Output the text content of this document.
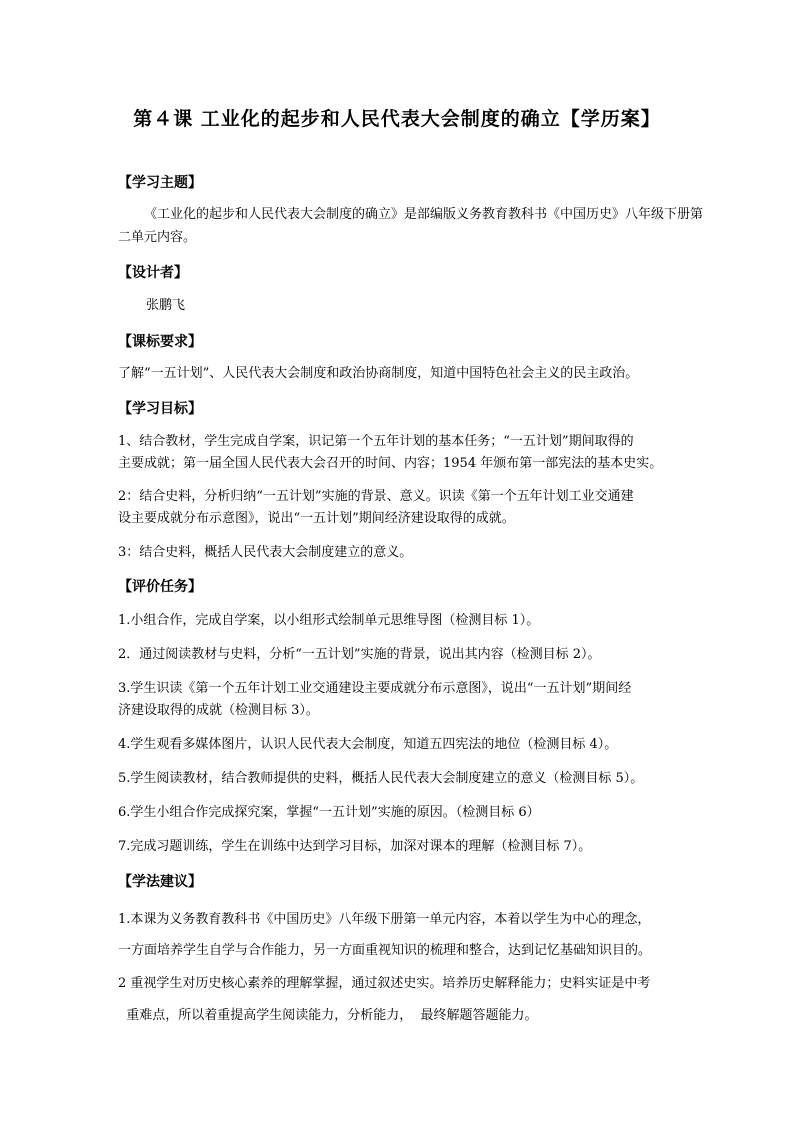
第４课 工业化的起步和人民代表大会制度的确立【学历案】
【学习主题】
《工业化的起步和人民代表大会制度的确立》是部编版义务教育教科书《中国历史》八年级下册第
二单元内容。
【设计者】
张鹏飞
【课标要求】
了解“一五计划”、人民代表大会制度和政治协商制度，知道中国特色社会主义的民主政治。
【学习目标】
1、结合教材，学生完成自学案，识记第一个五年计划的基本任务；“一五计划”期间取得的
主要成就；第一届全国人民代表大会召开的时间、内容；1954 年颁布第一部宪法的基本史实。
2：结合史料，分析归纳“一五计划”实施的背景、意义。识读《第一个五年计划工业交通建
设主要成就分布示意图》，说出“一五计划”期间经济建设取得的成就。
3：结合史料，概括人民代表大会制度建立的意义。
【评价任务】
1.小组合作，完成自学案，以小组形式绘制单元思维导图（检测目标 1）。
2．通过阅读教材与史料，分析“一五计划”实施的背景，说出其内容（检测目标 2）。
3.学生识读《第一个五年计划工业交通建设主要成就分布示意图》，说出“一五计划”期间经
济建设取得的成就（检测目标 3）。
4.学生观看多媒体图片，认识人民代表大会制度，知道五四宪法的地位（检测目标 4）。
5.学生阅读教材，结合教师提供的史料，概括人民代表大会制度建立的意义（检测目标 5）。
6.学生小组合作完成探究案，掌握“一五计划”实施的原因。（检测目标 6）
7.完成习题训练，学生在训练中达到学习目标，加深对课本的理解（检测目标 7）。
【学法建议】
1.本课为义务教育教科书《中国历史》八年级下册第一单元内容，本着以学生为中心的理念，
一方面培养学生自学与合作能力，另一方面重视知识的梳理和整合，达到记忆基础知识目的。
2 重视学生对历史核心素养的理解掌握，通过叙述史实。培养历史解释能力；史料实证是中考
重难点，所以着重提高学生阅读能力，分析能力，  最终解题答题能力。
